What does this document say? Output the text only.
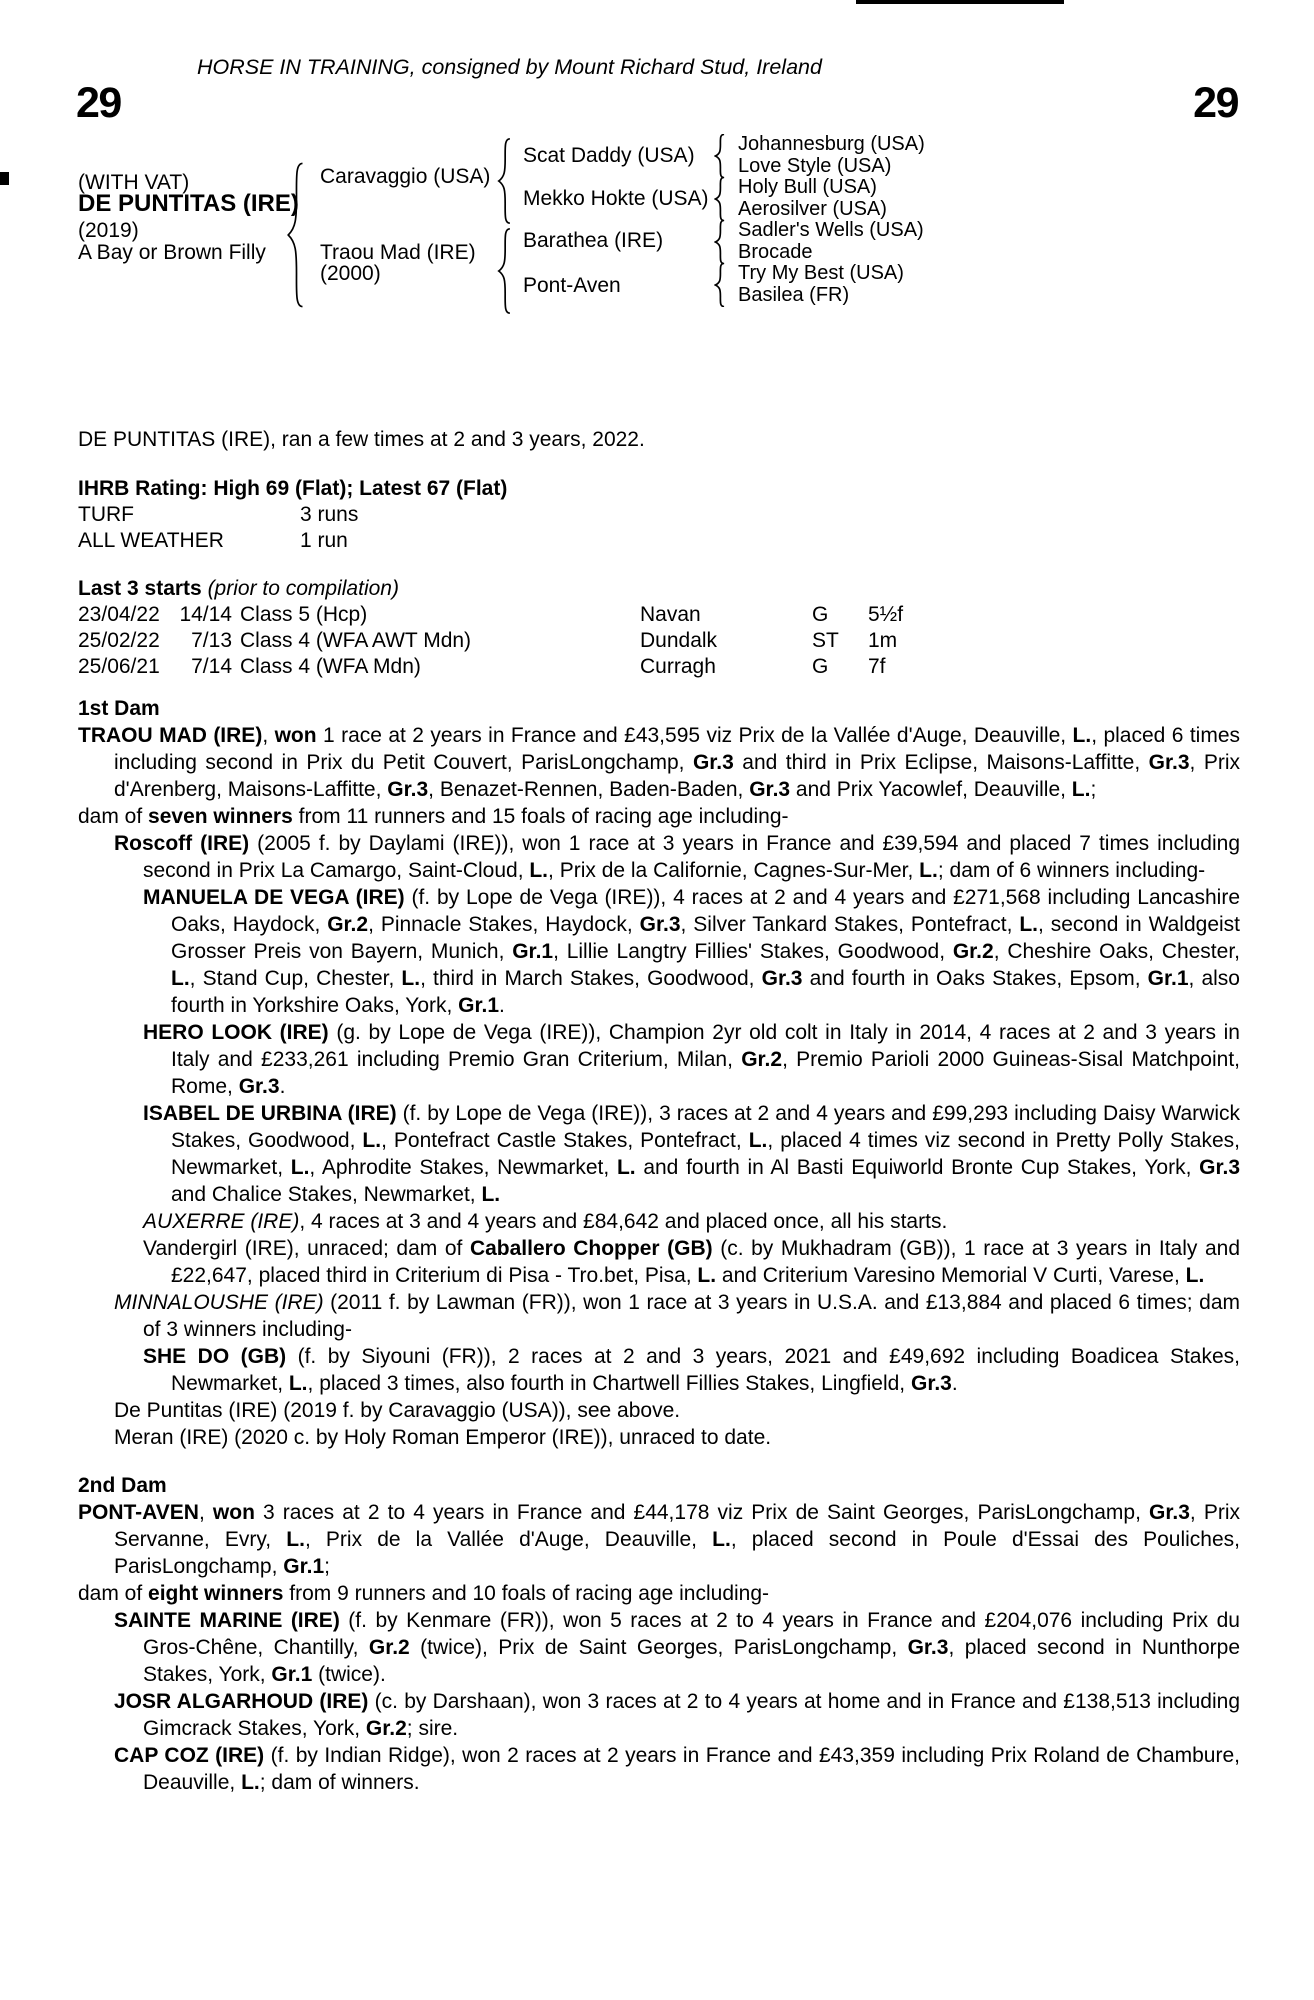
HORSE IN TRAINING, consigned by Mount Richard Stud, Ireland
29	29
(WITH VAT)
DE PUNTITAS (IRE)
(2019)
A Bay or Brown Filly
Caravaggio (USA)
Traou Mad (IRE)
(2000)
Scat Daddy (USA)
Mekko Hokte (USA)
Barathea (IRE)
Pont-Aven
Johannesburg (USA)
Love Style (USA)
Holy Bull (USA)
Aerosilver (USA)
Sadler's Wells (USA)
Brocade
Try My Best (USA)
Basilea (FR)
DE PUNTITAS (IRE), ran a few times at 2 and 3 years, 2022.
IHRB Rating: High 69 (Flat); Latest 67 (Flat)
TURF	3 runs
ALL WEATHER	1 run
Last 3 starts (prior to compilation)
23/04/22 14/14 Class 5 (Hcp)	Navan	G	5½f
25/02/22	7/13 Class 4 (WFA AWT Mdn)	Dundalk	ST	1m
25/06/21	7/14 Class 4 (WFA Mdn)	Curragh	G	7f
1st Dam
TRAOU MAD (IRE), won 1 race at 2 years in France and £43,595 viz Prix de la Vallée d'Auge, Deauville, L., placed 6 times including second in Prix du Petit Couvert, ParisLongchamp, Gr.3 and third in Prix Eclipse, Maisons-Laffitte, Gr.3, Prix d'Arenberg, Maisons-Laffitte, Gr.3, Benazet-Rennen, Baden-Baden, Gr.3 and Prix Yacowlef, Deauville, L.;
dam of seven winners from 11 runners and 15 foals of racing age including-
Roscoff (IRE) (2005 f. by Daylami (IRE)), won 1 race at 3 years in France and £39,594 and placed 7 times including second in Prix La Camargo, Saint-Cloud, L., Prix de la Californie, Cagnes-Sur-Mer, L.; dam of 6 winners including-
MANUELA DE VEGA (IRE) (f. by Lope de Vega (IRE)), 4 races at 2 and 4 years and £271,568 including Lancashire Oaks, Haydock, Gr.2, Pinnacle Stakes, Haydock, Gr.3, Silver Tankard Stakes, Pontefract, L., second in Waldgeist Grosser Preis von Bayern, Munich, Gr.1, Lillie Langtry Fillies' Stakes, Goodwood, Gr.2, Cheshire Oaks, Chester, L., Stand Cup, Chester, L., third in March Stakes, Goodwood, Gr.3 and fourth in Oaks Stakes, Epsom, Gr.1, also fourth in Yorkshire Oaks, York, Gr.1.
HERO LOOK (IRE) (g. by Lope de Vega (IRE)), Champion 2yr old colt in Italy in 2014, 4 races at 2 and 3 years in Italy and £233,261 including Premio Gran Criterium, Milan, Gr.2, Premio Parioli 2000 Guineas-Sisal Matchpoint, Rome, Gr.3.
ISABEL DE URBINA (IRE) (f. by Lope de Vega (IRE)), 3 races at 2 and 4 years and £99,293 including Daisy Warwick Stakes, Goodwood, L., Pontefract Castle Stakes, Pontefract, L., placed 4 times viz second in Pretty Polly Stakes, Newmarket, L., Aphrodite Stakes, Newmarket, L. and fourth in Al Basti Equiworld Bronte Cup Stakes, York, Gr.3 and Chalice Stakes, Newmarket, L.
AUXERRE (IRE), 4 races at 3 and 4 years and £84,642 and placed once, all his starts.
Vandergirl (IRE), unraced; dam of Caballero Chopper (GB) (c. by Mukhadram (GB)), 1 race at 3 years in Italy and £22,647, placed third in Criterium di Pisa - Tro.bet, Pisa, L. and Criterium Varesino Memorial V Curti, Varese, L.
MINNALOUSHE (IRE) (2011 f. by Lawman (FR)), won 1 race at 3 years in U.S.A. and £13,884 and placed 6 times; dam of 3 winners including-
SHE DO (GB) (f. by Siyouni (FR)), 2 races at 2 and 3 years, 2021 and £49,692 including Boadicea Stakes, Newmarket, L., placed 3 times, also fourth in Chartwell Fillies Stakes, Lingfield, Gr.3.
De Puntitas (IRE) (2019 f. by Caravaggio (USA)), see above.
Meran (IRE) (2020 c. by Holy Roman Emperor (IRE)), unraced to date.
2nd Dam
PONT-AVEN, won 3 races at 2 to 4 years in France and £44,178 viz Prix de Saint Georges, ParisLongchamp, Gr.3, Prix Servanne, Evry, L., Prix de la Vallée d'Auge, Deauville, L., placed second in Poule d'Essai des Pouliches, ParisLongchamp, Gr.1;
dam of eight winners from 9 runners and 10 foals of racing age including-
SAINTE MARINE (IRE) (f. by Kenmare (FR)), won 5 races at 2 to 4 years in France and £204,076 including Prix du Gros-Chêne, Chantilly, Gr.2 (twice), Prix de Saint Georges, ParisLongchamp, Gr.3, placed second in Nunthorpe Stakes, York, Gr.1 (twice).
JOSR ALGARHOUD (IRE) (c. by Darshaan), won 3 races at 2 to 4 years at home and in France and £138,513 including Gimcrack Stakes, York, Gr.2; sire.
CAP COZ (IRE) (f. by Indian Ridge), won 2 races at 2 years in France and £43,359 including Prix Roland de Chambure, Deauville, L.; dam of winners.
